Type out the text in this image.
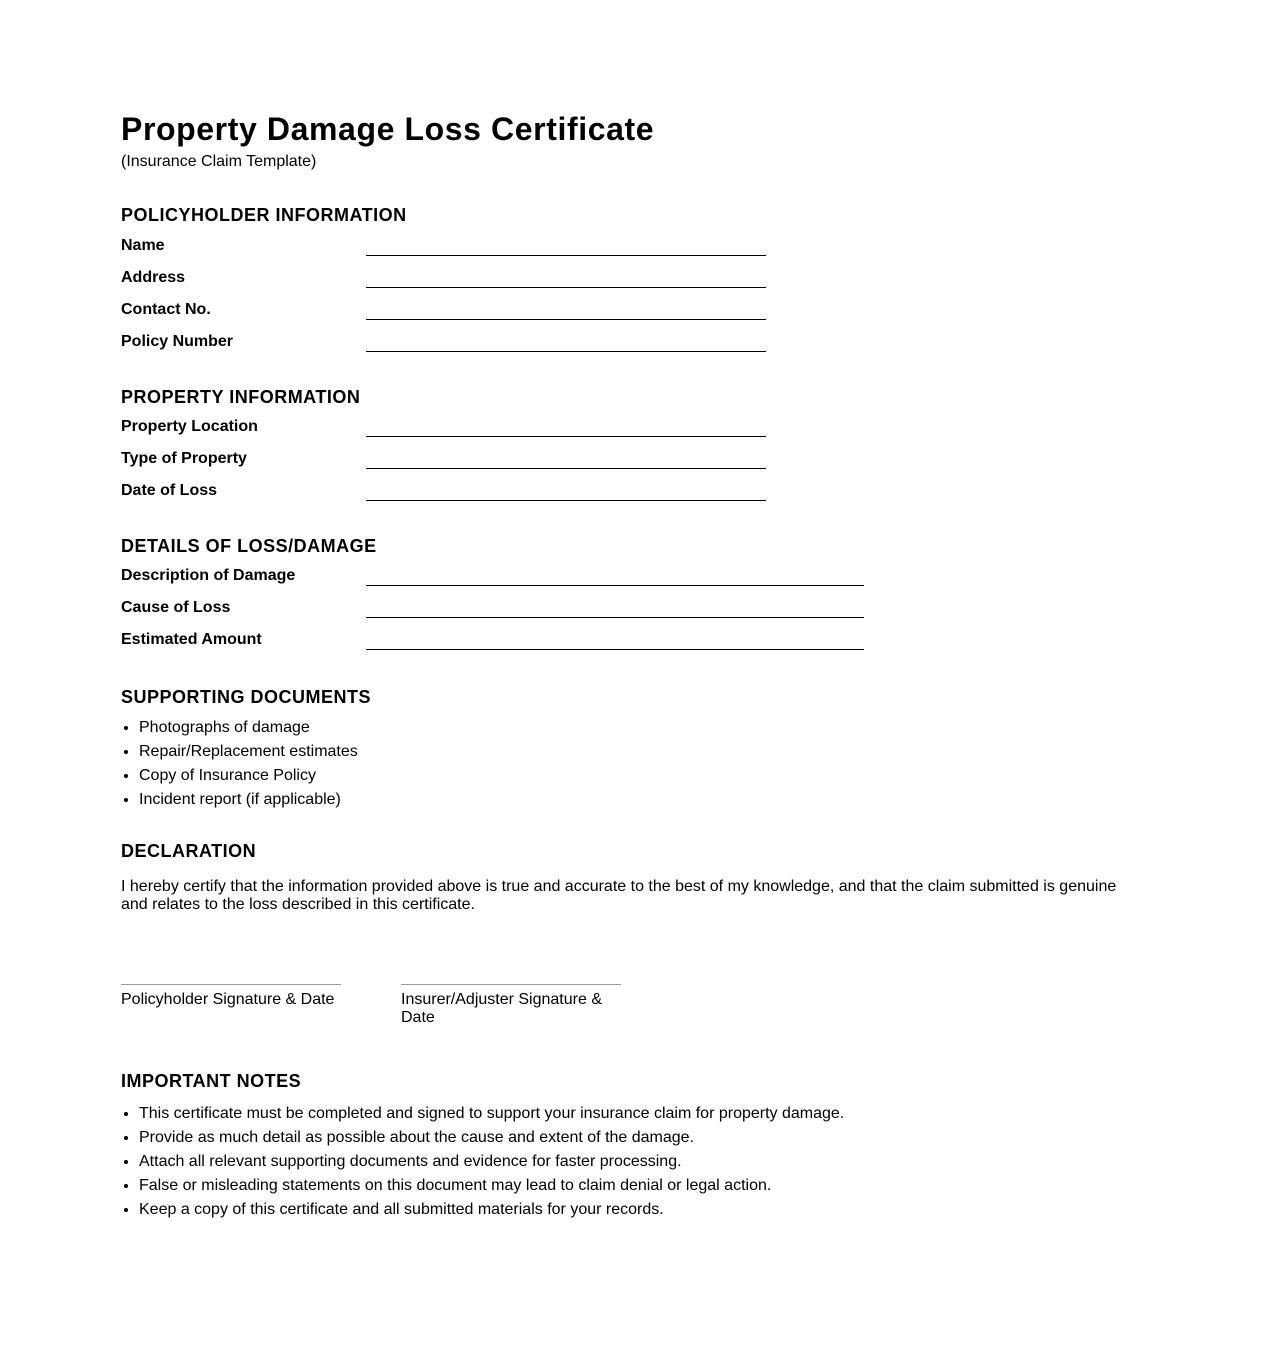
Property Damage Loss Certificate
(Insurance Claim Template)
POLICYHOLDER INFORMATION
Name
Address
Contact No.
Policy Number
PROPERTY INFORMATION
Property Location
Type of Property
Date of Loss
DETAILS OF LOSS/DAMAGE
Description of Damage
Cause of Loss
Estimated Amount
SUPPORTING DOCUMENTS
• Photographs of damage
• Repair/Replacement estimates
• Copy of Insurance Policy
• Incident report (if applicable)
DECLARATION
I hereby certify that the information provided above is true and accurate to the best of my knowledge, and that the claim submitted is genuine and relates to the loss described in this certificate.
Policyholder Signature & Date	Insurer/Adjuster Signature & Date
IMPORTANT NOTES
• This certificate must be completed and signed to support your insurance claim for property damage.
• Provide as much detail as possible about the cause and extent of the damage.
• Attach all relevant supporting documents and evidence for faster processing.
• False or misleading statements on this document may lead to claim denial or legal action.
• Keep a copy of this certificate and all submitted materials for your records.
